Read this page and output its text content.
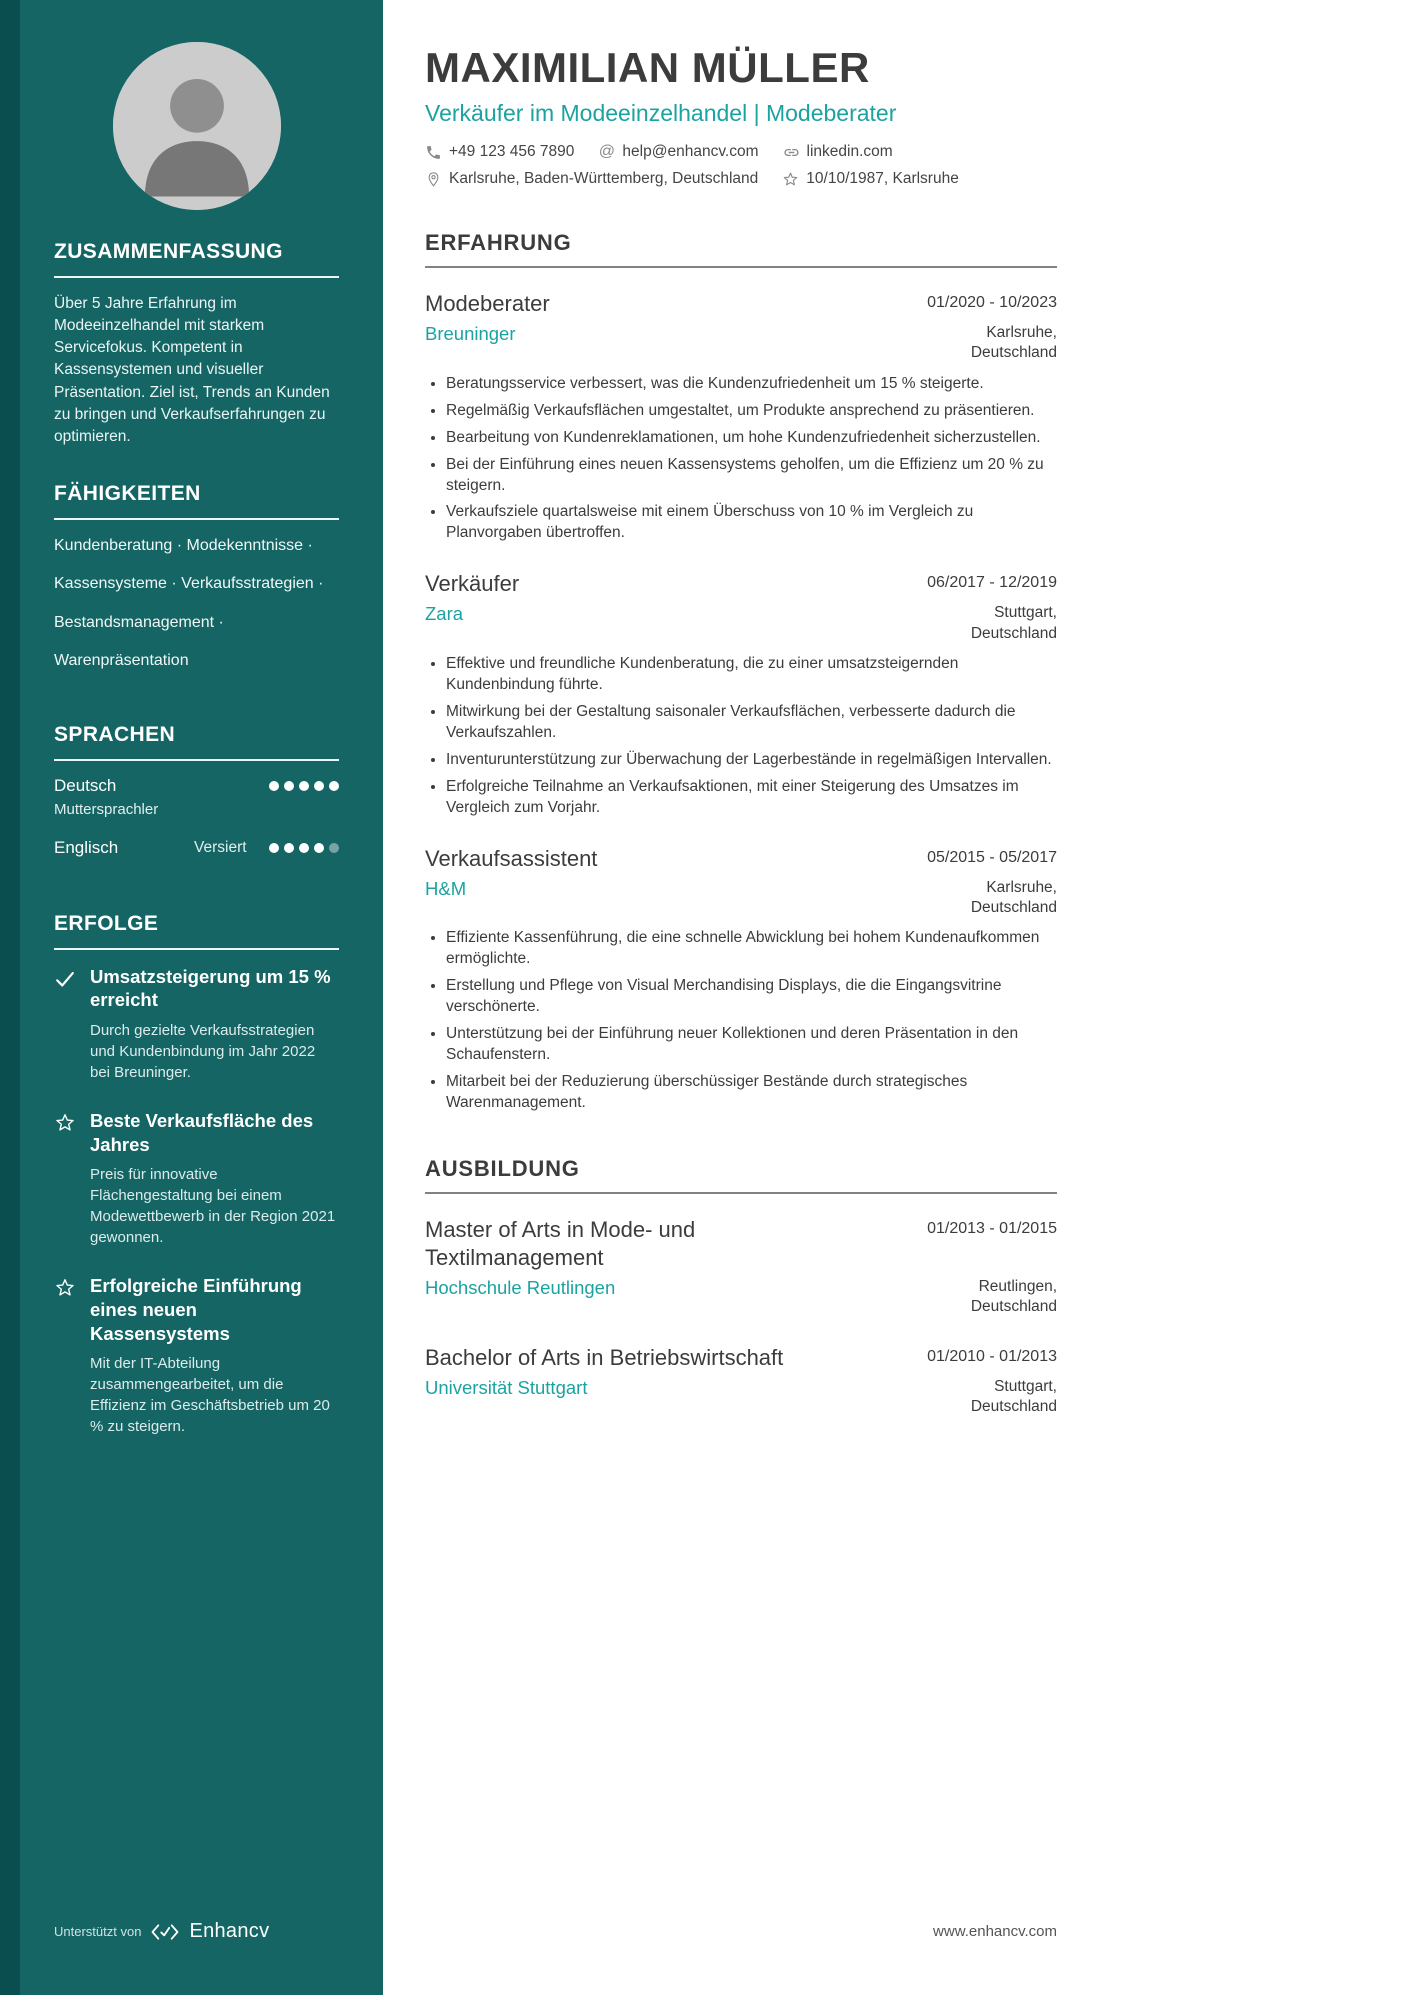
ZUSAMMENFASSUNG

Über 5 Jahre Erfahrung im Modeeinzelhandel mit starkem Servicefokus. Kompetent in Kassensystemen und visueller Präsentation. Ziel ist, Trends an Kunden zu bringen und Verkaufserfahrungen zu optimieren.

FÄHIGKEITEN

Kundenberatung · Modekenntnisse ·

Kassensysteme · Verkaufsstrategien ·

Bestandsmanagement ·

Warenpräsentation

SPRACHEN
Deutsch
Muttersprachler
Englisch	Versiert
ERFOLGE

Umsatzsteigerung um 15 % erreicht

Durch gezielte Verkaufsstrategien und Kundenbindung im Jahr 2022 bei Breuninger.

Beste Verkaufsfläche des Jahres

Preis für innovative Flächengestaltung bei einem Modewettbewerb in der Region 2021 gewonnen.

Erfolgreiche Einführung eines neuen Kassensystems

Mit der IT-Abteilung zusammengearbeitet, um die Effizienz im Geschäftsbetrieb um 20 % zu steigern.

Unterstützt von Enhancv
MAXIMILIAN MÜLLER

Verkäufer im Modeeinzelhandel | Modeberater

+49 123 456 7890 @ help@enhancv.com	linkedin.com
Karlsruhe, Baden-Württemberg, Deutschland	10/10/1987, Karlsruhe
ERFAHRUNG
Modeberater	01/2020 - 10/2023
Breuninger	Karlsruhe, Deutschland
• Beratungsservice verbessert, was die Kundenzufriedenheit um 15 % steigerte.
• Regelmäßig Verkaufsflächen umgestaltet, um Produkte ansprechend zu präsentieren.
• Bearbeitung von Kundenreklamationen, um hohe Kundenzufriedenheit sicherzustellen.
• Bei der Einführung eines neuen Kassensystems geholfen, um die Effizienz um 20 % zu steigern.
• Verkaufsziele quartalsweise mit einem Überschuss von 10 % im Vergleich zu Planvorgaben übertroffen.
Verkäufer	06/2017 - 12/2019
Zara	Stuttgart, Deutschland
• Effektive und freundliche Kundenberatung, die zu einer umsatzsteigernden Kundenbindung führte.
• Mitwirkung bei der Gestaltung saisonaler Verkaufsflächen, verbesserte dadurch die Verkaufszahlen.
• Inventurunterstützung zur Überwachung der Lagerbestände in regelmäßigen Intervallen.
• Erfolgreiche Teilnahme an Verkaufsaktionen, mit einer Steigerung des Umsatzes im Vergleich zum Vorjahr.
Verkaufsassistent	05/2015 - 05/2017
H&M	Karlsruhe, Deutschland
• Effiziente Kassenführung, die eine schnelle Abwicklung bei hohem Kundenaufkommen ermöglichte.
• Erstellung und Pflege von Visual Merchandising Displays, die die Eingangsvitrine verschönerte.
• Unterstützung bei der Einführung neuer Kollektionen und deren Präsentation in den Schaufenstern.
• Mitarbeit bei der Reduzierung überschüssiger Bestände durch strategisches Warenmanagement.
AUSBILDUNG
Master of Arts in Mode- und Textilmanagement
01/2013 - 01/2015
Hochschule Reutlingen	Reutlingen, Deutschland
Bachelor of Arts in Betriebswirtschaft	01/2010 - 01/2013
Universität Stuttgart	Stuttgart, Deutschland
www.enhancv.com
